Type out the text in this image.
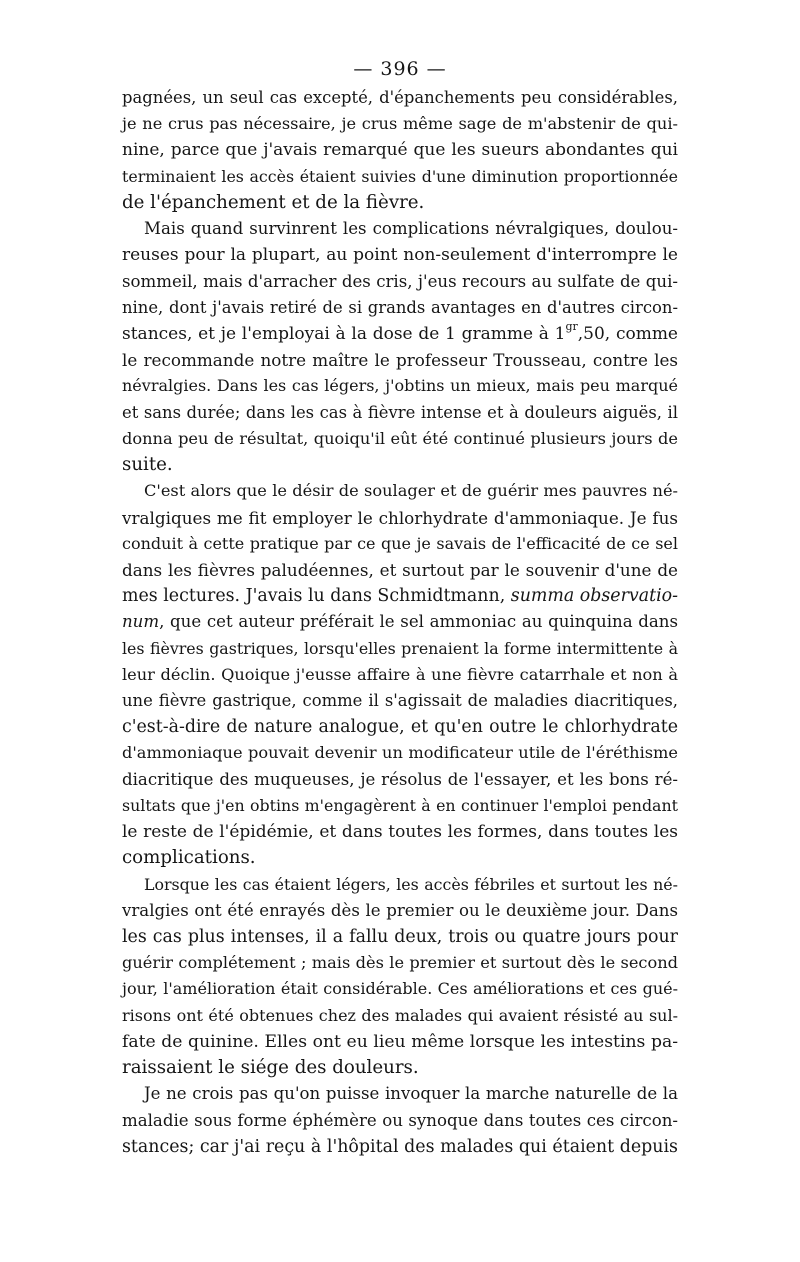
— 396 —
pagnées, un seul cas excepté, d'épanchements peu considérables,
je ne crus pas nécessaire, je crus même sage de m'abstenir de qui-
nine, parce que j'avais remarqué que les sueurs abondantes qui
terminaient les accès étaient suivies d'une diminution proportionnée
de l'épanchement et de la fièvre.
Mais quand survinrent les complications névralgiques, doulou-
reuses pour la plupart, au point non-seulement d'interrompre le
sommeil, mais d'arracher des cris, j'eus recours au sulfate de qui-
nine, dont j'avais retiré de si grands avantages en d'autres circon-
stances, et je l'employai à la dose de 1 gramme à $1^{gr},50$, comme
le recommande notre maître le professeur Trousseau, contre les
névralgies. Dans les cas légers, j'obtins un mieux, mais peu marqué
et sans durée; dans les cas à fièvre intense et à douleurs aiguës, il
donna peu de résultat, quoiqu'il eût été continué plusieurs jours de
suite.
C'est alors que le désir de soulager et de guérir mes pauvres né-
vralgiques me fit employer le chlorhydrate d'ammoniaque. Je fus
conduit à cette pratique par ce que je savais de l'efficacité de ce sel
dans les fièvres paludéennes, et surtout par le souvenir d'une de
mes lectures. J'avais lu dans Schmidtmann, summa observatio-
num, que cet auteur préférait le sel ammoniac au quinquina dans
les fièvres gastriques, lorsqu'elles prenaient la forme intermittente à
leur déclin. Quoique j'eusse affaire à une fièvre catarrhale et non à
une fièvre gastrique, comme il s'agissait de maladies diacritiques,
c'est-à-dire de nature analogue, et qu'en outre le chlorhydrate
d'ammoniaque pouvait devenir un modificateur utile de l'éréthisme
diacritique des muqueuses, je résolus de l'essayer, et les bons ré-
sultats que j'en obtins m'engagèrent à en continuer l'emploi pendant
le reste de l'épidémie, et dans toutes les formes, dans toutes les
complications.
Lorsque les cas étaient légers, les accès fébriles et surtout les né-
vralgies ont été enrayés dès le premier ou le deuxième jour. Dans
les cas plus intenses, il a fallu deux, trois ou quatre jours pour
guérir complétement ; mais dès le premier et surtout dès le second
jour, l'amélioration était considérable. Ces améliorations et ces gué-
risons ont été obtenues chez des malades qui avaient résisté au sul-
fate de quinine. Elles ont eu lieu même lorsque les intestins pa-
raissaient le siége des douleurs.
Je ne crois pas qu'on puisse invoquer la marche naturelle de la
maladie sous forme éphémère ou synoque dans toutes ces circon-
stances; car j'ai reçu à l'hôpital des malades qui étaient depuis
